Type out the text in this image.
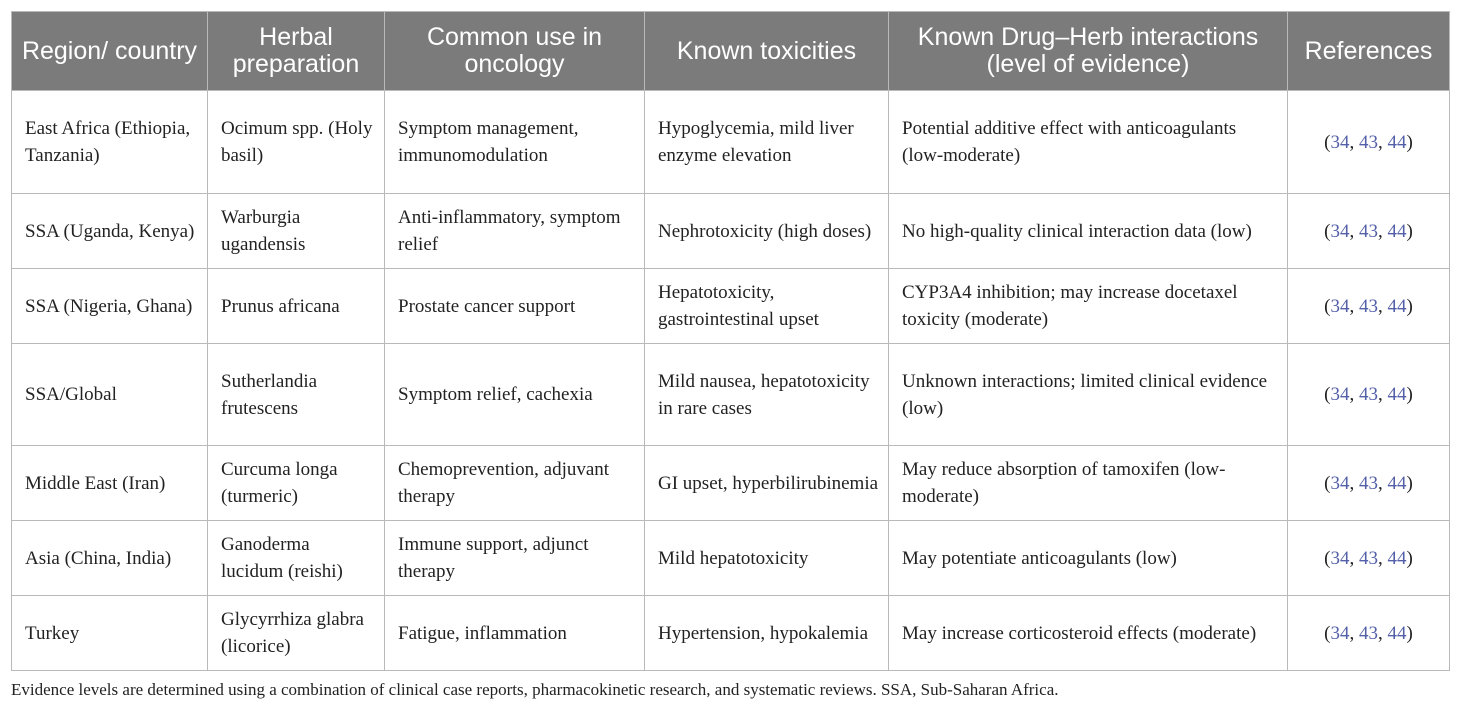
Region/ country	Herbal preparation	Common use in oncology	Known toxicities	Known Drug–Herb interactions (level of evidence)	References
East Africa (Ethiopia, Tanzania)	Ocimum spp. (Holy basil)	Symptom management, immunomodulation	Hypoglycemia, mild liver enzyme elevation	Potential additive effect with anticoagulants (low-moderate)	(34, 43, 44)
SSA (Uganda, Kenya)	Warburgia ugandensis	Anti-inflammatory, symptom relief	Nephrotoxicity (high doses)	No high-quality clinical interaction data (low)	(34, 43, 44)
SSA (Nigeria, Ghana)	Prunus africana	Prostate cancer support	Hepatotoxicity, gastrointestinal upset	CYP3A4 inhibition; may increase docetaxel toxicity (moderate)	(34, 43, 44)
SSA/Global	Sutherlandia frutescens	Symptom relief, cachexia	Mild nausea, hepatotoxicity in rare cases	Unknown interactions; limited clinical evidence (low)	(34, 43, 44)
Middle East (Iran)	Curcuma longa (turmeric)	Chemoprevention, adjuvant therapy	GI upset, hyperbilirubinemia	May reduce absorption of tamoxifen (low-moderate)	(34, 43, 44)
Asia (China, India)	Ganoderma lucidum (reishi)	Immune support, adjunct therapy	Mild hepatotoxicity	May potentiate anticoagulants (low)	(34, 43, 44)
Turkey	Glycyrrhiza glabra (licorice)	Fatigue, inflammation	Hypertension, hypokalemia	May increase corticosteroid effects (moderate)	(34, 43, 44)
Evidence levels are determined using a combination of clinical case reports, pharmacokinetic research, and systematic reviews. SSA, Sub-Saharan Africa.
